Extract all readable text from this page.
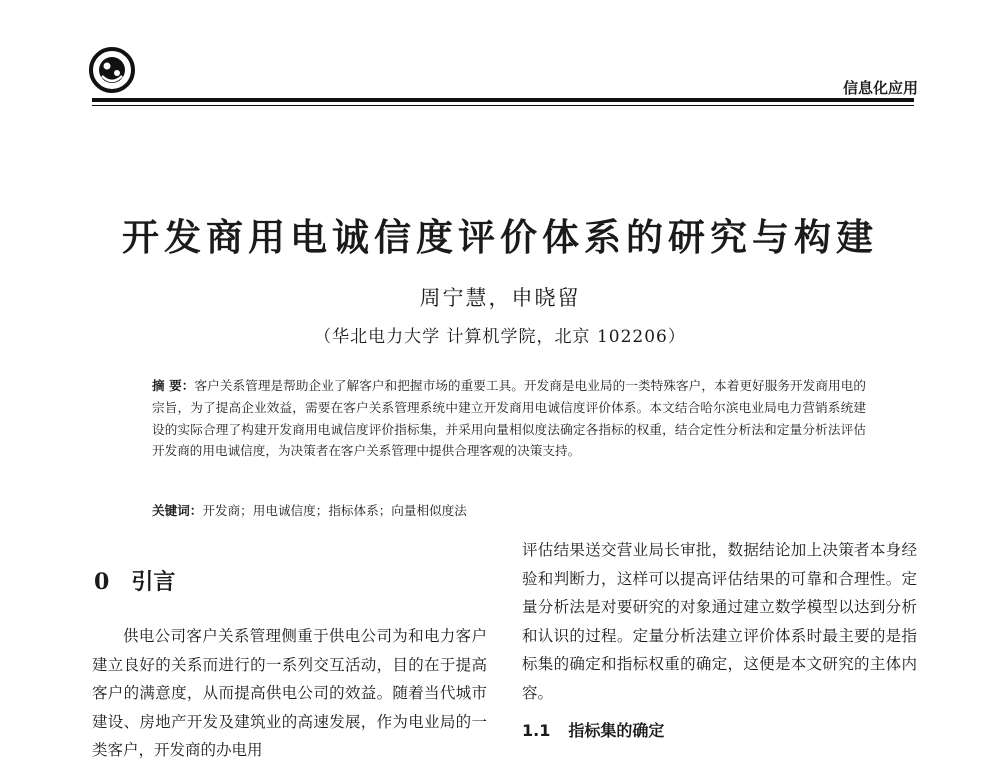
信息化应用
开发商用电诚信度评价体系的研究与构建
周宁慧，申晓留
（华北电力大学 计算机学院，北京 102206）

摘 要：客户关系管理是帮助企业了解客户和把握市场的重要工具。开发商是电业局的一类特殊客户，本着更好服务开发商用电的宗旨，为了提高企业效益，需要在客户关系管理系统中建立开发商用电诚信度评价体系。本文结合哈尔滨电业局电力营销系统建设的实际合理了构建开发商用电诚信度评价指标集，并采用向量相似度法确定各指标的权重，结合定性分析法和定量分析法评估开发商的用电诚信度，为决策者在客户关系管理中提供合理客观的决策支持。

关键词：开发商；用电诚信度；指标体系；向量相似度法
0 引言

供电公司客户关系管理侧重于供电公司为和电力客户建立良好的关系而进行的一系列交互活动，目的在于提高客户的满意度，从而提高供电公司的效益。随着当代城市建设、房地产开发及建筑业的高速发展，作为电业局的一类客户，开发商的办电用

评估结果送交营业局长审批，数据结论加上决策者本身经验和判断力，这样可以提高评估结果的可靠和合理性。定量分析法是对要研究的对象通过建立数学模型以达到分析和认识的过程。定量分析法建立评价体系时最主要的是指标集的确定和指标权重的确定，这便是本文研究的主体内容。

1.1 指标集的确定
